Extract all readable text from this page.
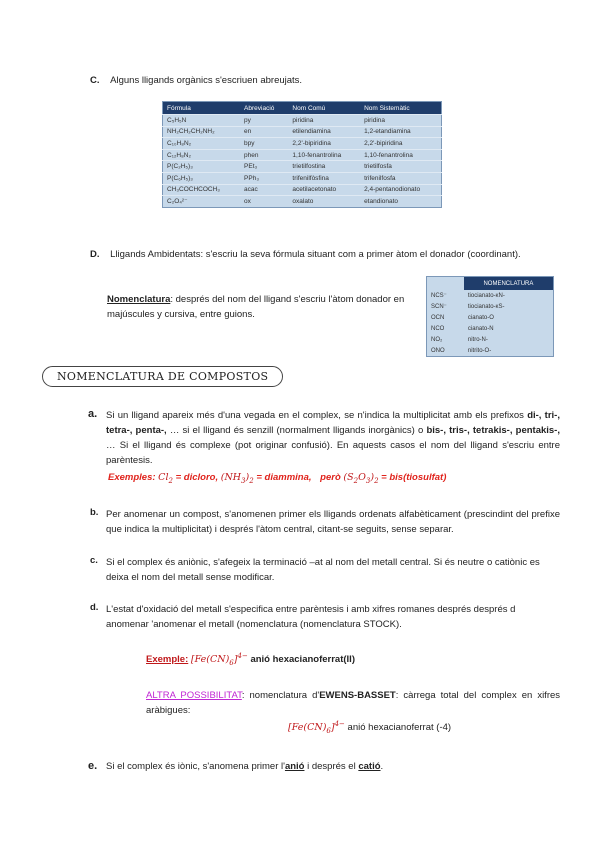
C. Alguns lligands orgànics s'escriuen abreujats.
Fórmula	Abreviació	Nom Comú	Nom Sistemàtic
C₅H₅N	py	piridina	piridina
NH₂CH₂CH₂NH₂	en	etilendiamina	1,2-etandiamina
C₁₀H₈N₂	bpy	2,2'-bipiridina	2,2'-bipiridina
C₁₂H₈N₂	phen	1,10-fenantrolina	1,10-fenantrolina
P(C₂H₅)₃	PEt₃	trietilfostina	trietilfosfa
P(C₆H₅)₃	PPh₃	trifenilfòsfina	trifenilfosfa
CH₃COCHCOCH₃	acac	acetilacetonato	2,4-pentanodionato
C₂O₄²⁻	ox	oxalato	etandionato
D. Lligands Ambidentats: s'escriu la seva fórmula situant com a primer àtom el donador (coordinant).
Nomenclatura: després del nom del lligand s'escriu l'àtom donador en majúscules y cursiva, entre guions.
	NOMENCLATURA
NCS⁻	tiocianato-κN-
SCN⁻	tiocianato-κS-
OCN	cianato-O
NCO	cianato-N
NO₂	nitro-N-
ONO	nitrito-O-
NOMENCLATURA DE COMPOSTOS
a. Si un lligand apareix més d'una vegada en el complex, se n'indica la multiplicitat amb els prefixos di-, tri-, tetra-, penta-, … si el lligand és senzill (normalment lligands inorgànics) o bis-, tris-, tetrakis-, pentakis-, … Si el lligand és complexe (pot originar confusió). En aquests casos el nom del lligand s'escriu entre parèntesis.
Exemples: $Cl_2$ = dicloro, $(NH_3)_2$ = diammina, però $(S_2O_3)_2$ = bis(tiosulfat)
b. Per anomenar un compost, s'anomenen primer els lligands ordenats alfabèticament (prescindint del prefixe que indica la multiplicitat) i després l'àtom central, citant-se seguits, sense separar.
c. Si el complex és aniònic, s'afegeix la terminació –at al nom del metall central. Si és neutre o catiònic es deixa el nom del metall sense modificar.
d. L'estat d'oxidació del metall s'especifica entre parèntesis i amb xifres romanes després després d anomenar 'anomenar el metall (nomenclatura (nomenclatura STOCK).
Exemple: $[Fe(CN)_6]^{4-}$ anió hexacianoferrat(II)
ALTRA POSSIBILITAT: nomenclatura d'EWENS-BASSET: càrrega total del complex en xifres aràbigues:
$[Fe(CN)_6]^{4-}$ anió hexacianoferrat (-4)
e. Si el complex és iònic, s'anomena primer l'anió i després el catió.
